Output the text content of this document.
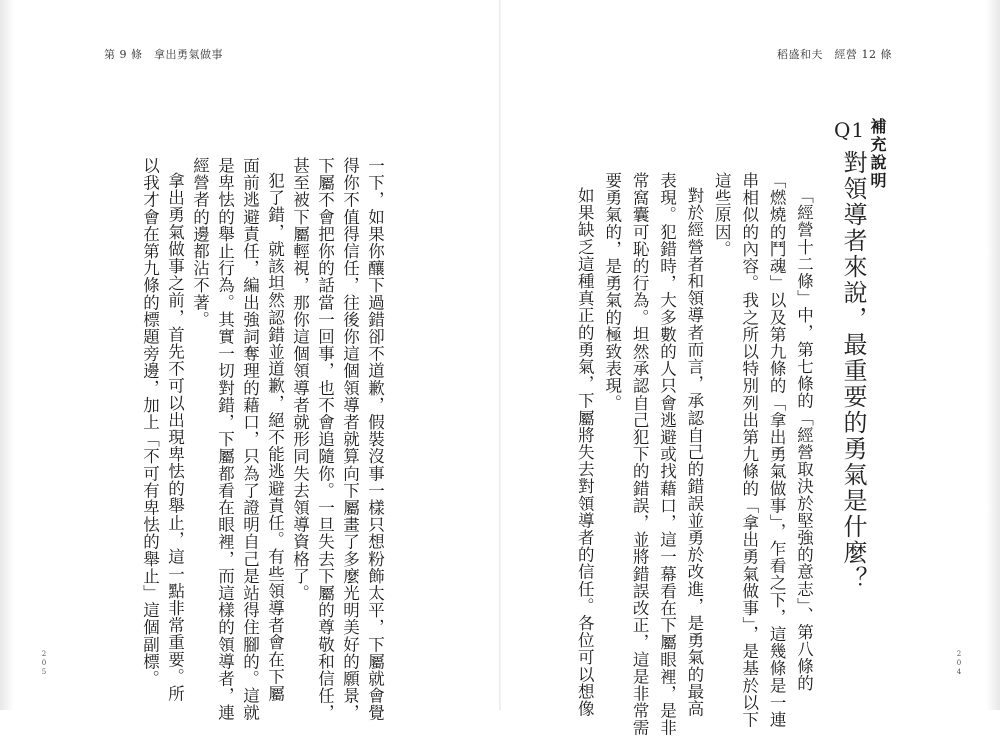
第 9 條　拿出勇氣做事	稻盛和夫　經營 12 條
補充說明
Q1
對領導者來說，最重要的勇氣是什麼？
「經營十二條」中，第七條的「經營取決於堅強的意志」、第八條的
「燃燒的鬥魂」以及第九條的「拿出勇氣做事」，乍看之下，這幾條是一連
串相似的內容。我之所以特別列出第九條的「拿出勇氣做事」，是基於以下
這些原因。
對於經營者和領導者而言，承認自己的錯誤並勇於改進，是勇氣的最高
表現。犯錯時，大多數的人只會逃避或找藉口，這一幕看在下屬眼裡，是非
常窩囊可恥的行為。坦然承認自己犯下的錯誤，並將錯誤改正，這是非常需
要勇氣的，是勇氣的極致表現。
如果缺乏這種真正的勇氣，下屬將失去對領導者的信任。各位可以想像
一下，如果你釀下過錯卻不道歉，假裝沒事一樣只想粉飾太平，下屬就會覺
得你不值得信任，往後你這個領導者就算向下屬畫了多麼光明美好的願景，
下屬不會把你的話當一回事，也不會追隨你。一旦失去下屬的尊敬和信任，
甚至被下屬輕視，那你這個領導者就形同失去領導資格了。
犯了錯，就該坦然認錯並道歉，絕不能逃避責任。有些領導者會在下屬
面前逃避責任，編出強詞奪理的藉口，只為了證明自己是站得住腳的。這就
是卑怯的舉止行為。其實一切對錯，下屬都看在眼裡，而這樣的領導者，連
經營者的邊都沾不著。
拿出勇氣做事之前，首先不可以出現卑怯的舉止，這一點非常重要。所
以我才會在第九條的標題旁邊，加上「不可有卑怯的舉止」這個副標。
205	204
